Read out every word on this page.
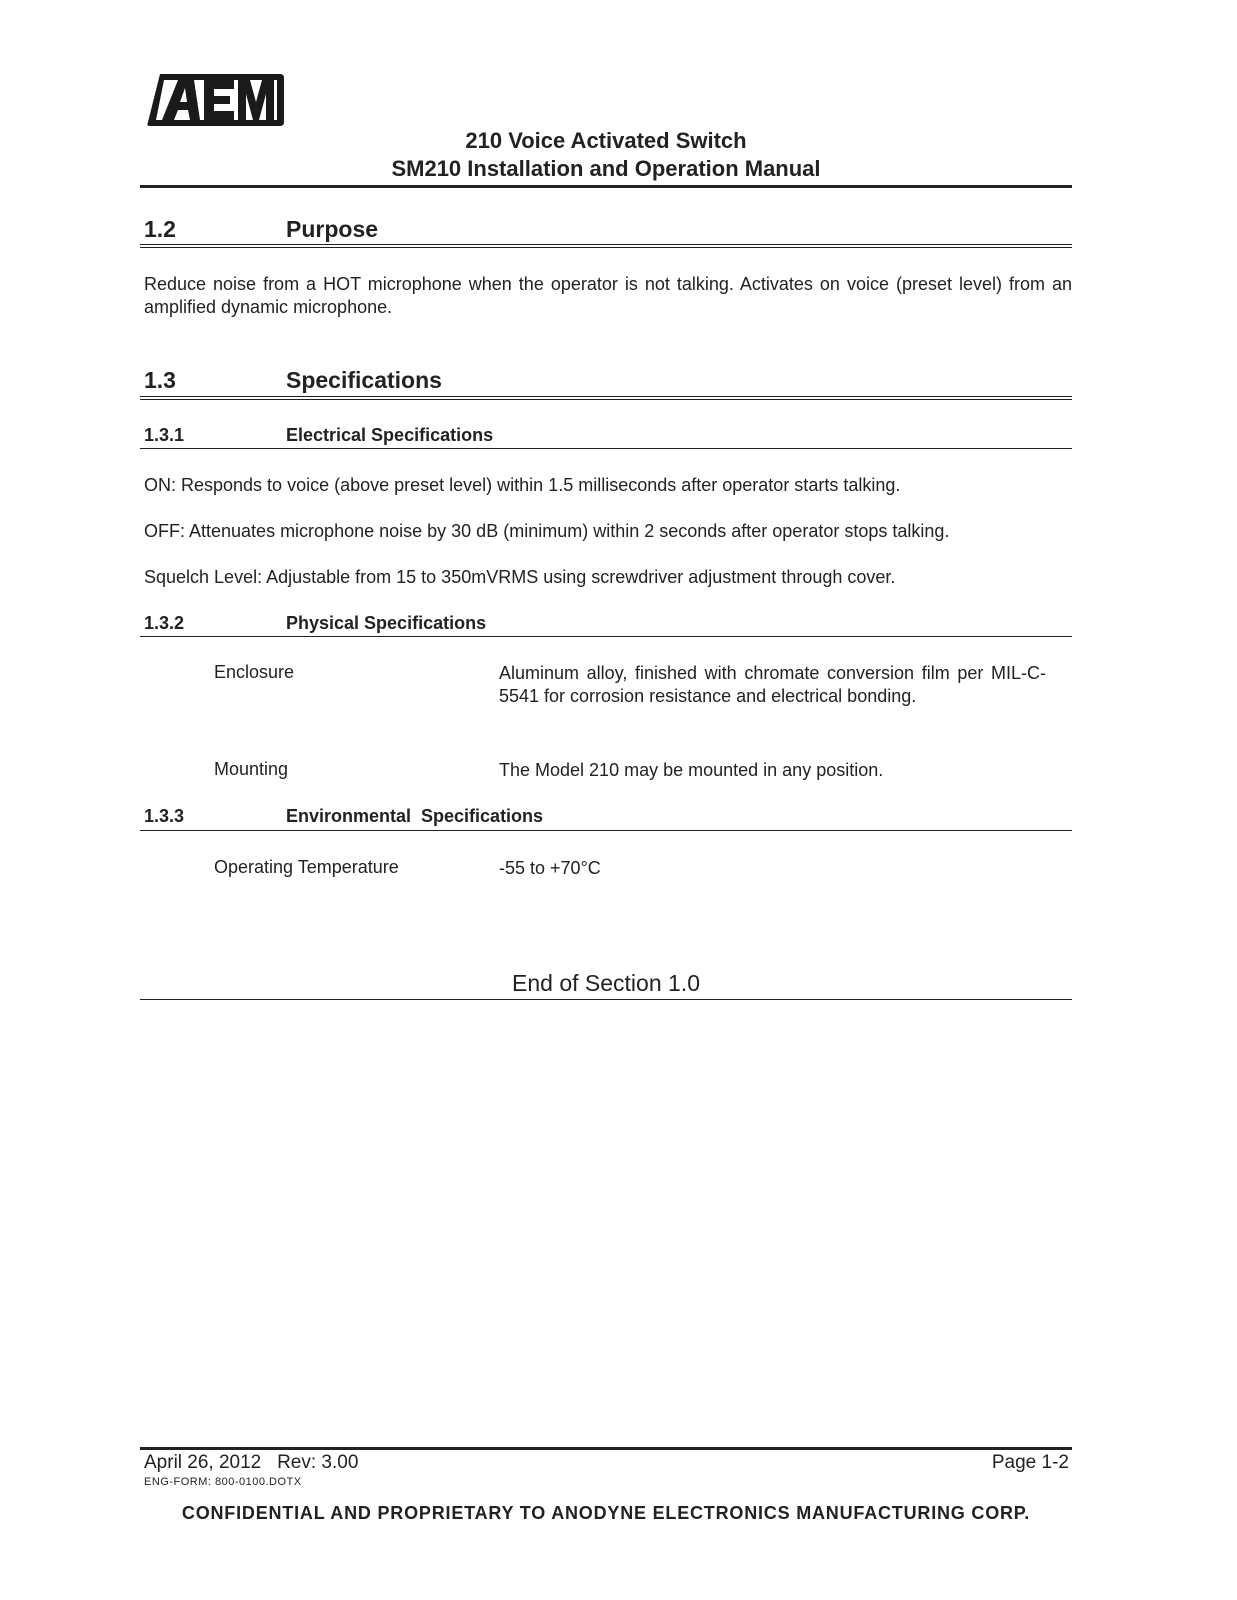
210 Voice Activated Switch
SM210 Installation and Operation Manual
1.2	Purpose
Reduce noise from a HOT microphone when the operator is not talking. Activates on voice (preset level) from an amplified dynamic microphone.
1.3	Specifications
1.3.1	Electrical Specifications
ON: Responds to voice (above preset level) within 1.5 milliseconds after operator starts talking.
OFF: Attenuates microphone noise by 30 dB (minimum) within 2 seconds after operator stops talking.
Squelch Level: Adjustable from 15 to 350mVRMS using screwdriver adjustment through cover.
1.3.2	Physical Specifications
Enclosure	Aluminum alloy, finished with chromate conversion film per MIL-C-5541 for corrosion resistance and electrical bonding.
Mounting	The Model 210 may be mounted in any position.
1.3.3	Environmental  Specifications
Operating Temperature	-55 to +70°C
End of Section 1.0
April 26, 2012   Rev: 3.00
ENG-FORM: 800-0100.DOTX
Page 1-2
CONFIDENTIAL AND PROPRIETARY TO ANODYNE ELECTRONICS MANUFACTURING CORP.
